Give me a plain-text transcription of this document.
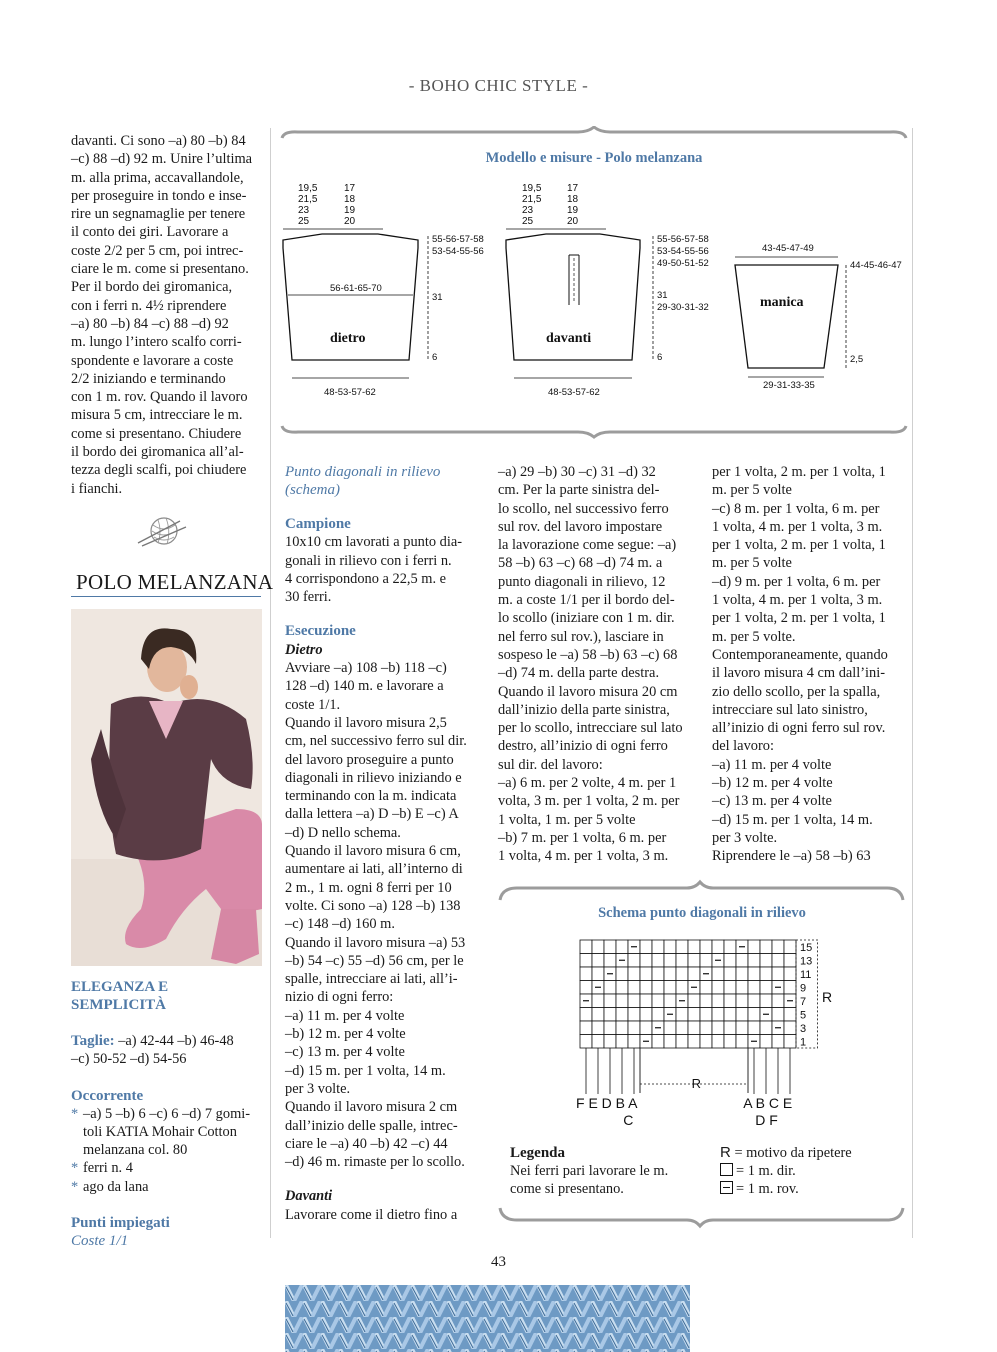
- BOHO CHIC STYLE -
davanti. Ci sono –a) 80 –b) 84
–c) 88 –d) 92 m. Unire l’ultima
m. alla prima, accavallandole,
per proseguire in tondo e inse-
rire un segnamaglie per tenere
il conto dei giri. Lavorare a
coste 2/2 per 5 cm, poi intrec-
ciare le m. come si presentano.
Per il bordo dei giromanica,
con i ferri n. 4½ riprendere
–a) 80 –b) 84 –c) 88 –d) 92
m. lungo l’intero scalfo corri-
spondente e lavorare a coste
2/2 iniziando e terminando
con 1 m. rov. Quando il lavoro
misura 5 cm, intrecciare le m.
come si presentano. Chiudere
il bordo dei giromanica all’al-
tezza degli scalfi, poi chiudere
i fianchi.
POLO MELANZANA
ELEGANZA E SEMPLICITÀ
Taglie: –a) 42-44 –b) 46-48
–c) 50-52 –d) 54-56
Occorrente
* –a) 5 –b) 6 –c) 6 –d) 7 gomi-
toli KATIA Mohair Cotton
melanzana col. 80
* ferri n. 4
* ago da lana
Punti impiegati
Coste 1/1
Modello e misure - Polo melanzana
19,5
21,5
23
25
17
18
19
20
55-56-57-58
53-54-55-56
31
6
56-61-65-70
dietro
48-53-57-62
19,5
21,5
23
25
17
18
19
20
55-56-57-58
53-54-55-56
49-50-51-52
31
29-30-31-32
6
davanti
48-53-57-62
43-45-47-49
44-45-46-47
2,5
manica
29-31-33-35
Punto diagonali in rilievo
(schema)
Campione
10x10 cm lavorati a punto dia-
gonali in rilievo con i ferri n.
4 corrispondono a 22,5 m. e
30 ferri.
Esecuzione
Dietro
Avviare –a) 108 –b) 118 –c)
128 –d) 140 m. e lavorare a
coste 1/1.
Quando il lavoro misura 2,5
cm, nel successivo ferro sul dir.
del lavoro proseguire a punto
diagonali in rilievo iniziando e
terminando con la m. indicata
dalla lettera –a) D –b) E –c) A
–d) D nello schema.
Quando il lavoro misura 6 cm,
aumentare ai lati, all’interno di
2 m., 1 m. ogni 8 ferri per 10
volte. Ci sono –a) 128 –b) 138
–c) 148 –d) 160 m.
Quando il lavoro misura –a) 53
–b) 54 –c) 55 –d) 56 cm, per le
spalle, intrecciare ai lati, all’i-
nizio di ogni ferro:
–a) 11 m. per 4 volte
–b) 12 m. per 4 volte
–c) 13 m. per 4 volte
–d) 15 m. per 1 volta, 14 m.
per 3 volte.
Quando il lavoro misura 2 cm
dall’inizio delle spalle, intrec-
ciare le –a) 40 –b) 42 –c) 44
–d) 46 m. rimaste per lo scollo.
Davanti
Lavorare come il dietro fino a
–a) 29 –b) 30 –c) 31 –d) 32
cm. Per la parte sinistra del-
lo scollo, nel successivo ferro
sul rov. del lavoro impostare
la lavorazione come segue: –a)
58 –b) 63 –c) 68 –d) 74 m. a
punto diagonali in rilievo, 12
m. a coste 1/1 per il bordo del-
lo scollo (iniziare con 1 m. dir.
nel ferro sul rov.), lasciare in
sospeso le –a) 58 –b) 63 –c) 68
–d) 74 m. della parte destra.
Quando il lavoro misura 20 cm
dall’inizio della parte sinistra,
per lo scollo, intrecciare sul lato
destro, all’inizio di ogni ferro
sul dir. del lavoro:
–a) 6 m. per 2 volte, 4 m. per 1
volta, 3 m. per 1 volta, 2 m. per
1 volta, 1 m. per 5 volte
–b) 7 m. per 1 volta, 6 m. per
1 volta, 4 m. per 1 volta, 3 m.
per 1 volta, 2 m. per 1 volta, 1
m. per 5 volte
–c) 8 m. per 1 volta, 6 m. per
1 volta, 4 m. per 1 volta, 3 m.
per 1 volta, 2 m. per 1 volta, 1
m. per 5 volte
–d) 9 m. per 1 volta, 6 m. per
1 volta, 4 m. per 1 volta, 3 m.
per 1 volta, 2 m. per 1 volta, 1
m. per 5 volte.
Contemporaneamente, quando
il lavoro misura 4 cm dall’ini-
zio dello scollo, per la spalla,
intrecciare sul lato sinistro,
all’inizio di ogni ferro sul rov.
del lavoro:
–a) 11 m. per 4 volte
–b) 12 m. per 4 volte
–c) 13 m. per 4 volte
–d) 15 m. per 1 volta, 14 m.
per 3 volte.
Riprendere le –a) 58 –b) 63
Schema punto diagonali in rilievo
15
13
11
9
7
5
3
1
R
R
F E D B A
C
A B C E
D F
Legenda
Nei ferri pari lavorare le m.
come si presentano.
R = motivo da ripetere
= 1 m. dir.
= 1 m. rov.
43
